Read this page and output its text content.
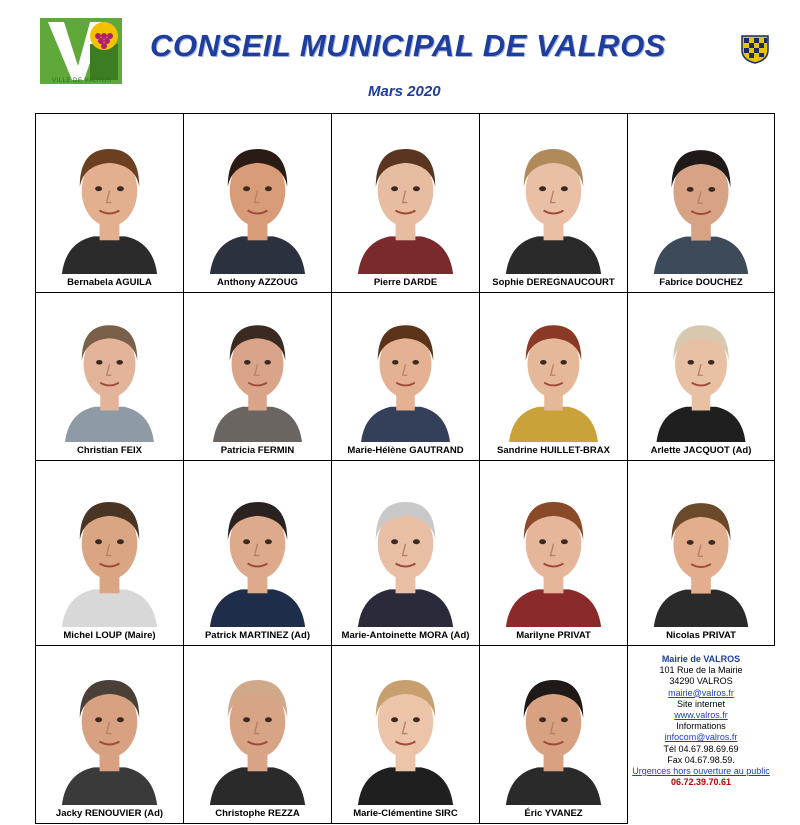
VILLE DE VALROS
CONSEIL MUNICIPAL DE VALROS
Mars 2020
Bernabela AGUILA	Anthony AZZOUG	Pierre DARDE	Sophie DEREGNAUCOURT	Fabrice DOUCHEZ
Christian FEIX	Patricia FERMIN	Marie-Hélène GAUTRAND	Sandrine HUILLET-BRAX	Arlette JACQUOT (Ad)
Michel LOUP (Maire)	Patrick MARTINEZ (Ad)	Marie-Antoinette MORA (Ad)	Marilyne PRIVAT	Nicolas PRIVAT
Jacky RENOUVIER (Ad)	Christophe REZZA	Marie-Clémentine SIRC	Éric YVANEZ
Mairie de VALROS
101 Rue de la Mairie
34290 VALROS
mairie@valros.fr
Site internet
www.valros.fr
Informations
infocom@valros.fr
Tél 04.67.98.69.69
Fax 04.67.98.59.
Urgences hors ouverture au public
06.72.39.70.61
